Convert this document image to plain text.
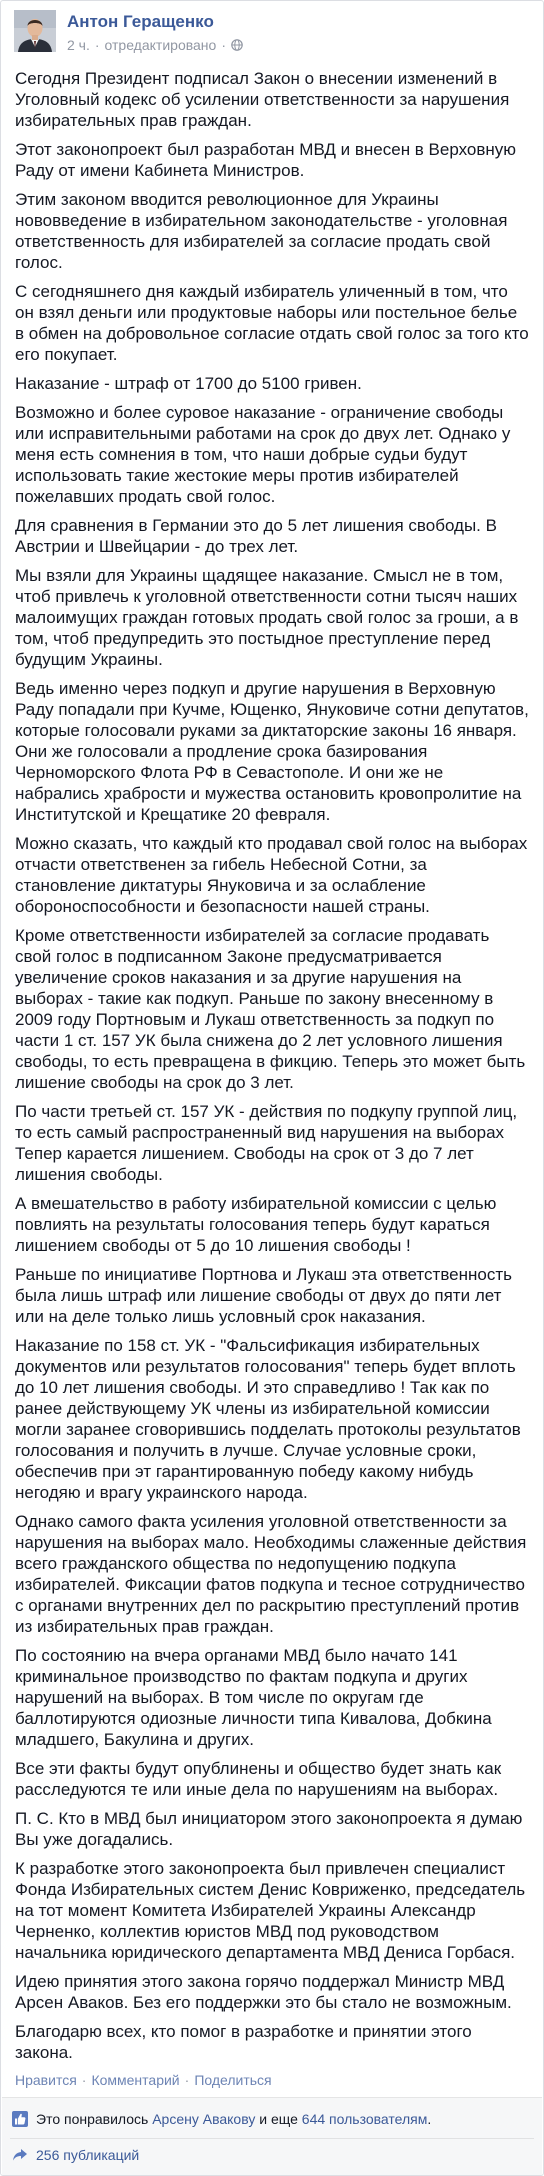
Антон Геращенко
2 ч. · отредактировано ·

Сегодня Президент подписал Закон о внесении изменений в Уголовный кодекс об усилении ответственности за нарушения избирательных прав граждан.

Этот законопроект был разработан МВД и внесен в Верховную Раду от имени Кабинета Министров.

Этим законом вводится революционное для Украины нововведение в избирательном законодательстве - уголовная ответственность для избирателей за согласие продать свой голос.

С сегодняшнего дня каждый избиратель уличенный в том, что он взял деньги или продуктовые наборы или постельное белье в обмен на добровольное согласие отдать свой голос за того кто его покупает.

Наказание - штраф от 1700 до 5100 гривен.

Возможно и более суровое наказание - ограничение свободы или исправительными работами на срок до двух лет. Однако у меня есть сомнения в том, что наши добрые судьи будут использовать такие жестокие меры против избирателей пожелавших продать свой голос.

Для сравнения в Германии это до 5 лет лишения свободы. В Австрии и Швейцарии - до трех лет.

Мы взяли для Украины щадящее наказание. Смысл не в том, чтоб привлечь к уголовной ответственности сотни тысяч наших малоимущих граждан готовых продать свой голос за гроши, а в том, чтоб предупредить это постыдное преступление перед будущим Украины.

Ведь именно через подкуп и другие нарушения в Верховную Раду попадали при Кучме, Ющенко, Януковиче сотни депутатов, которые голосовали руками за диктаторские законы 16 января. Они же голосовали а продление срока базирования Черноморского Флота РФ в Севастополе. И они же не набрались храбрости и мужества остановить кровопролитие на Институтской и Крещатике 20 февраля.

Можно сказать, что каждый кто продавал свой голос на выборах отчасти ответственен за гибель Небесной Сотни, за становление диктатуры Януковича и за ослабление обороноспособности и безопасности нашей страны.

Кроме ответственности избирателей за согласие продавать свой голос в подписанном Законе предусматривается увеличение сроков наказания и за другие нарушения на выборах - такие как подкуп. Раньше по закону внесенному в 2009 году Портновым и Лукаш ответственность за подкуп по части 1 ст. 157 УК была снижена до 2 лет условного лишения свободы, то есть превращена в фикцию. Теперь это может быть лишение свободы на срок до 3 лет.

По части третьей ст. 157 УК - действия по подкупу группой лиц, то есть самый распространенный вид нарушения на выборах Тепер карается лишением. Свободы на срок от 3 до 7 лет лишения свободы.

А вмешательство в работу избирательной комиссии с целью повлиять на результаты голосования теперь будут караться лишением свободы от 5 до 10 лишения свободы !

Раньше по инициативе Портнова и Лукаш эта ответственность была лишь штраф или лишение свободы от двух до пяти лет или на деле только лишь условный срок наказания.

Наказание по 158 ст. УК - "Фальсификация избирательных документов или результатов голосования" теперь будет вплоть до 10 лет лишения свободы. И это справедливо ! Так как по ранее действующему УК члены из избирательной комиссии могли заранее сговорившись подделать протоколы результатов голосования и получить в лучше. Случае условные сроки, обеспечив при эт гарантированную победу какому нибудь негодяю и врагу украинского народа.

Однако самого факта усиления уголовной ответственности за нарушения на выборах мало. Необходимы слаженные действия всего гражданского общества по недопущению подкупа избирателей. Фиксации фатов подкупа и тесное сотрудничество с органами внутренних дел по раскрытию преступлений против из избирательных прав граждан.

По состоянию на вчера органами МВД было начато 141 криминальное производство по фактам подкупа и других нарушений на выборах. В том числе по округам где баллотируются одиозные личности типа Кивалова, Добкина младшего, Бакулина и других.

Все эти факты будут опублинены и общество будет знать как расследуются те или иные дела по нарушениям на выборах.

П. С. Кто в МВД был инициатором этого законопроекта я думаю Вы уже догадались.

К разработке этого законопроекта был привлечен специалист Фонда Избирательных систем Денис Ковриженко, председатель на тот момент Комитета Избирателей Украины Александр Черненко, коллектив юристов МВД под руководством начальника юридического департамента МВД Дениса Горбася.

Идею принятия этого закона горячо поддержал Министр МВД Арсен Аваков. Без его поддержки это бы стало не возможным.

Благодарю всех, кто помог в разработке и принятии этого закона.

Нравится · Комментарий · Поделиться
Это понравилось
Арсену Авакову
и еще
644 пользователям .
256 публикаций
